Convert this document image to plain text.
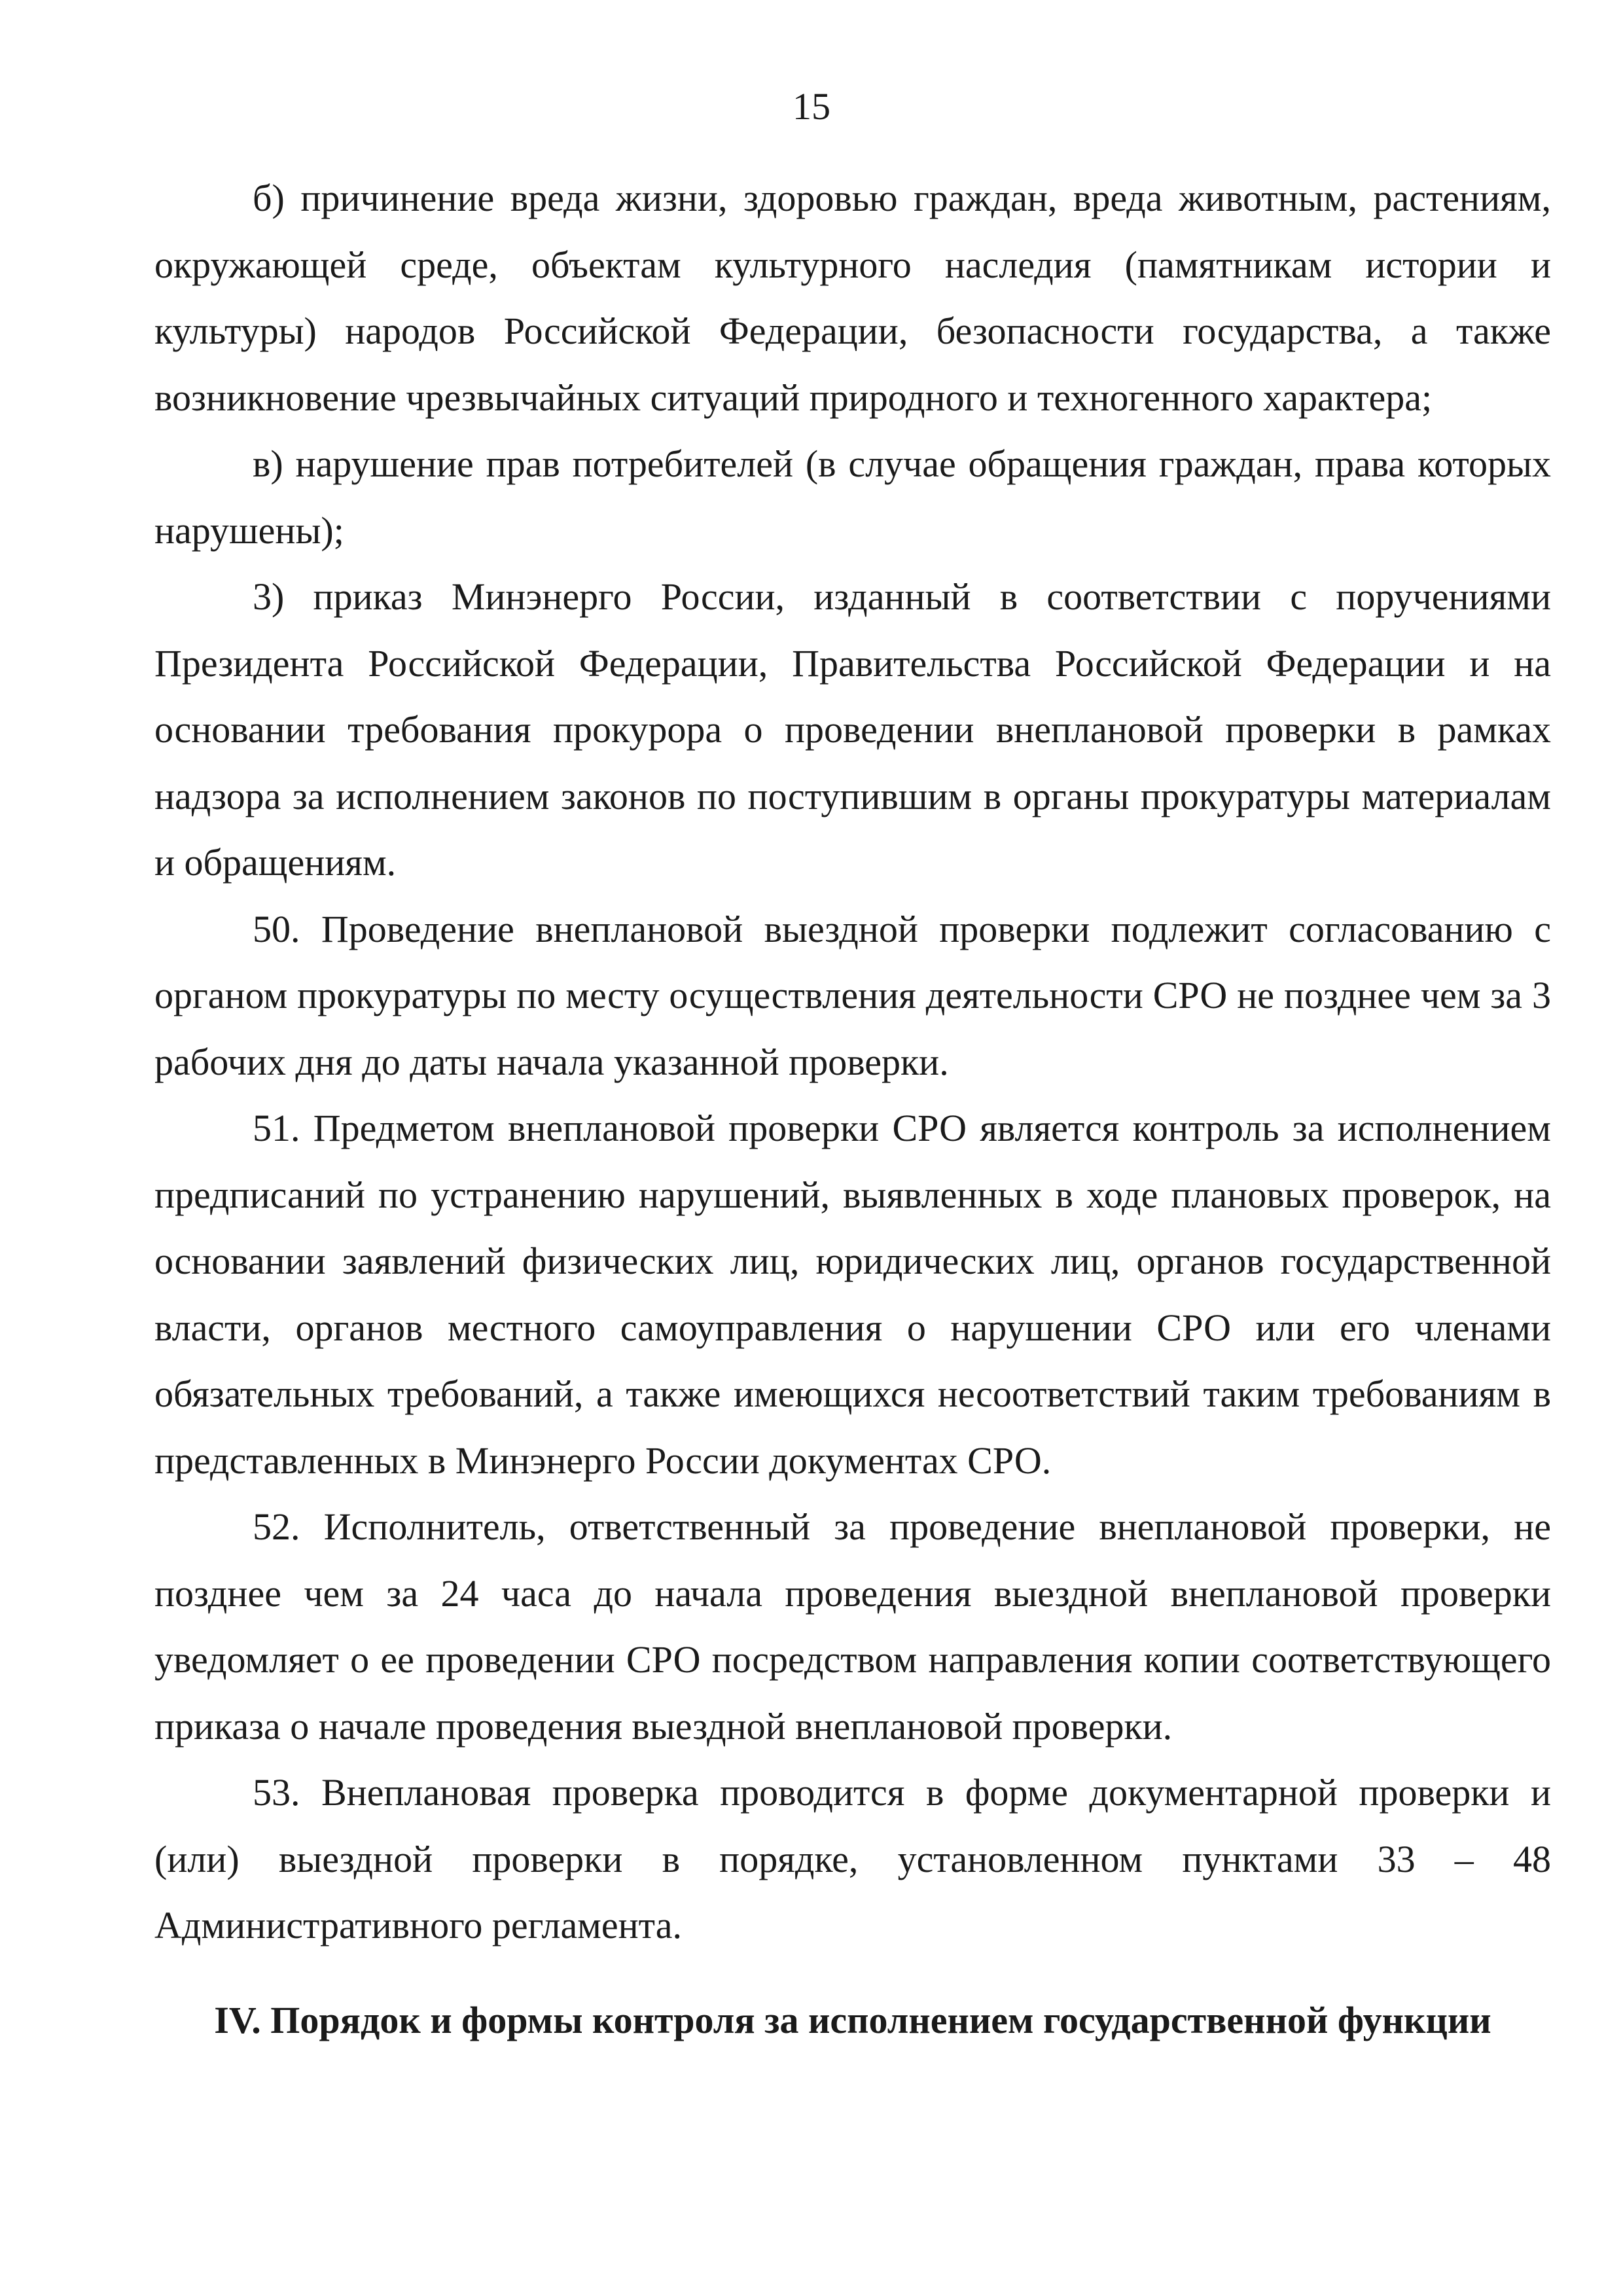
15

б) причинение вреда жизни, здоровью граждан, вреда животным, растениям, окружающей среде, объектам культурного наследия (памятникам истории и культуры) народов Российской Федерации, безопасности государства, а также возникновение чрезвычайных ситуаций природного и техногенного характера;

в) нарушение прав потребителей (в случае обращения граждан, права которых нарушены);

3) приказ Минэнерго России, изданный в соответствии с поручениями Президента Российской Федерации, Правительства Российской Федерации и на основании требования прокурора о проведении внеплановой проверки в рамках надзора за исполнением законов по поступившим в органы прокуратуры материалам и обращениям.

50. Проведение внеплановой выездной проверки подлежит согласованию с органом прокуратуры по месту осуществления деятельности СРО не позднее чем за 3 рабочих дня до даты начала указанной проверки.

51. Предметом внеплановой проверки СРО является контроль за исполнением предписаний по устранению нарушений, выявленных в ходе плановых проверок, на основании заявлений физических лиц, юридических лиц, органов государственной власти, органов местного самоуправления о нарушении СРО или его членами обязательных требований, а также имеющихся несоответствий таким требованиям в представленных в Минэнерго России документах СРО.

52. Исполнитель, ответственный за проведение внеплановой проверки, не позднее чем за 24 часа до начала проведения выездной внеплановой проверки уведомляет о ее проведении СРО посредством направления копии соответствующего приказа о начале проведения выездной внеплановой проверки.

53. Внеплановая проверка проводится в форме документарной проверки и (или) выездной проверки в порядке, установленном пунктами 33 – 48 Административного регламента.

IV. Порядок и формы контроля за исполнением государственной функции
